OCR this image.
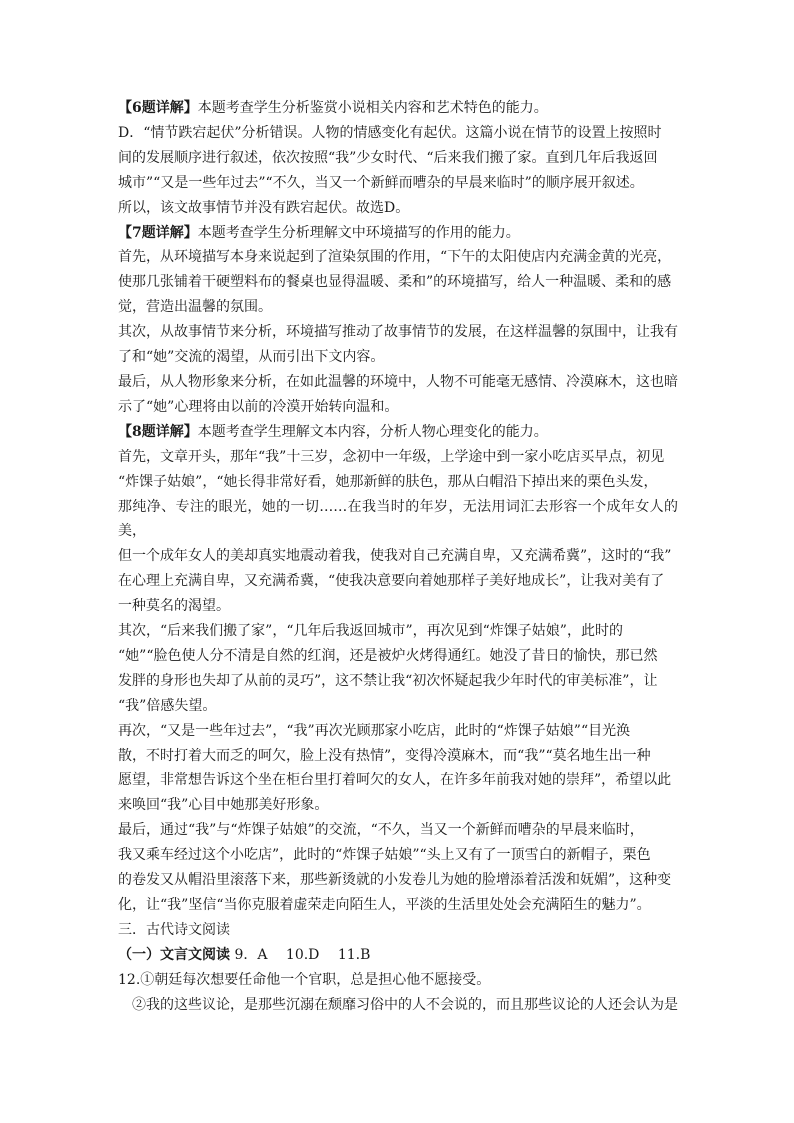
【6题详解】本题考查学生分析鉴赏小说相关内容和艺术特色的能力。

D．“情节跌宕起伏”分析错误。人物的情感变化有起伏。这篇小说在情节的设置上按照时

间的发展顺序进行叙述，依次按照“我”少女时代、“后来我们搬了家。直到几年后我返回

城市”“又是一些年过去”“不久，当又一个新鲜而嘈杂的早晨来临时”的顺序展开叙述。

所以，该文故事情节并没有跌宕起伏。故选D。

【7题详解】本题考查学生分析理解文中环境描写的作用的能力。

首先，从环境描写本身来说起到了渲染氛围的作用，“下午的太阳使店内充满金黄的光亮，

使那几张铺着干硬塑料布的餐桌也显得温暖、柔和”的环境描写，给人一种温暖、柔和的感

觉，营造出温馨的氛围。

其次，从故事情节来分析，环境描写推动了故事情节的发展，在这样温馨的氛围中，让我有

了和“她”交流的渴望，从而引出下文内容。

最后，从人物形象来分析，在如此温馨的环境中，人物不可能毫无感情、冷漠麻木，这也暗

示了“她”心理将由以前的冷漠开始转向温和。

【8题详解】本题考查学生理解文本内容，分析人物心理变化的能力。

首先，文章开头，那年“我”十三岁，念初中一年级，上学途中到一家小吃店买早点，初见

“炸馃子姑娘”，“她长得非常好看，她那新鲜的肤色，那从白帽沿下掉出来的栗色头发，

那纯净、专注的眼光，她的一切……在我当时的年岁，无法用词汇去形容一个成年女人的美，

但一个成年女人的美却真实地震动着我，使我对自己充满自卑，又充满希冀”，这时的“我”

在心理上充满自卑，又充满希冀，“使我决意要向着她那样子美好地成长”，让我对美有了

一种莫名的渴望。

其次，“后来我们搬了家”，“几年后我返回城市”，再次见到“炸馃子姑娘”，此时的

“她”“脸色使人分不清是自然的红润，还是被炉火烤得通红。她没了昔日的愉快，那已然

发胖的身形也失却了从前的灵巧”，这不禁让我“初次怀疑起我少年时代的审美标准”，让

“我”倍感失望。

再次，“又是一些年过去”，“我”再次光顾那家小吃店，此时的“炸馃子姑娘”“目光涣

散，不时打着大而乏的呵欠，脸上没有热情”，变得冷漠麻木，而“我”“莫名地生出一种

愿望，非常想告诉这个坐在柜台里打着呵欠的女人，在许多年前我对她的崇拜”，希望以此

来唤回“我”心目中她那美好形象。

最后，通过“我”与“炸馃子姑娘”的交流，“不久，当又一个新鲜而嘈杂的早晨来临时，

我又乘车经过这个小吃店”，此时的“炸馃子姑娘”“头上又有了一顶雪白的新帽子，栗色

的卷发又从帽沿里滚落下来，那些新烫就的小发卷儿为她的脸增添着活泼和妩媚”，这种变

化，让“我”坚信“当你克服着虚荣走向陌生人，平淡的生活里处处会充满陌生的魅力”。

三．古代诗文阅读

（一）文言文阅读 9．A　 10.D　 11.B

12.①朝廷每次想要任命他一个官职，总是担心他不愿接受。

②我的这些议论，是那些沉溺在颓靡习俗中的人不会说的，而且那些议论的人还会认为是
